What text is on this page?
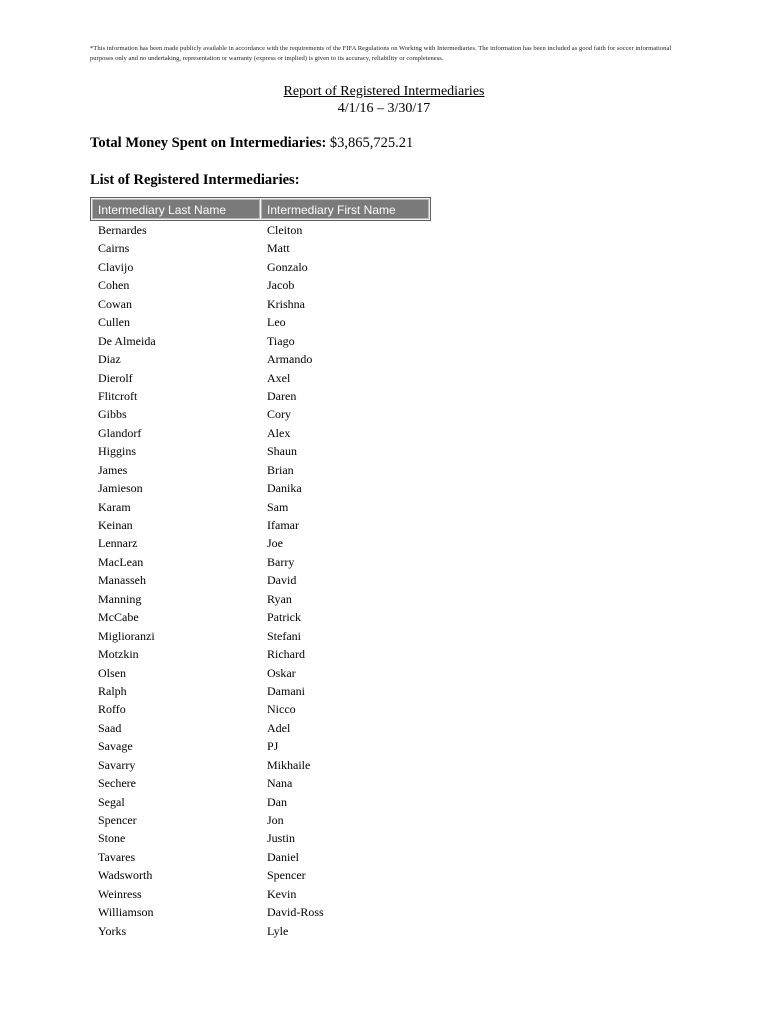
*This information has been made publicly available in accordance with the requirements of the FIFA Regulations on Working with Intermediaries. The information has been included as good faith for soccer informational purposes only and no undertaking, representation or warranty (express or implied) is given to its accuracy, reliability or completeness.
Report of Registered Intermediaries
4/1/16 – 3/30/17
Total Money Spent on Intermediaries: $3,865,725.21
List of Registered Intermediaries:
Intermediary Last Name	Intermediary First Name
Bernardes	Cleiton
Cairns	Matt
Clavijo	Gonzalo
Cohen	Jacob
Cowan	Krishna
Cullen	Leo
De Almeida	Tiago
Diaz	Armando
Dierolf	Axel
Flitcroft	Daren
Gibbs	Cory
Glandorf	Alex
Higgins	Shaun
James	Brian
Jamieson	Danika
Karam	Sam
Keinan	Ifamar
Lennarz	Joe
MacLean	Barry
Manasseh	David
Manning	Ryan
McCabe	Patrick
Miglioranzi	Stefani
Motzkin	Richard
Olsen	Oskar
Ralph	Damani
Roffo	Nicco
Saad	Adel
Savage	PJ
Savarry	Mikhaile
Sechere	Nana
Segal	Dan
Spencer	Jon
Stone	Justin
Tavares	Daniel
Wadsworth	Spencer
Weinress	Kevin
Williamson	David-Ross
Yorks	Lyle
